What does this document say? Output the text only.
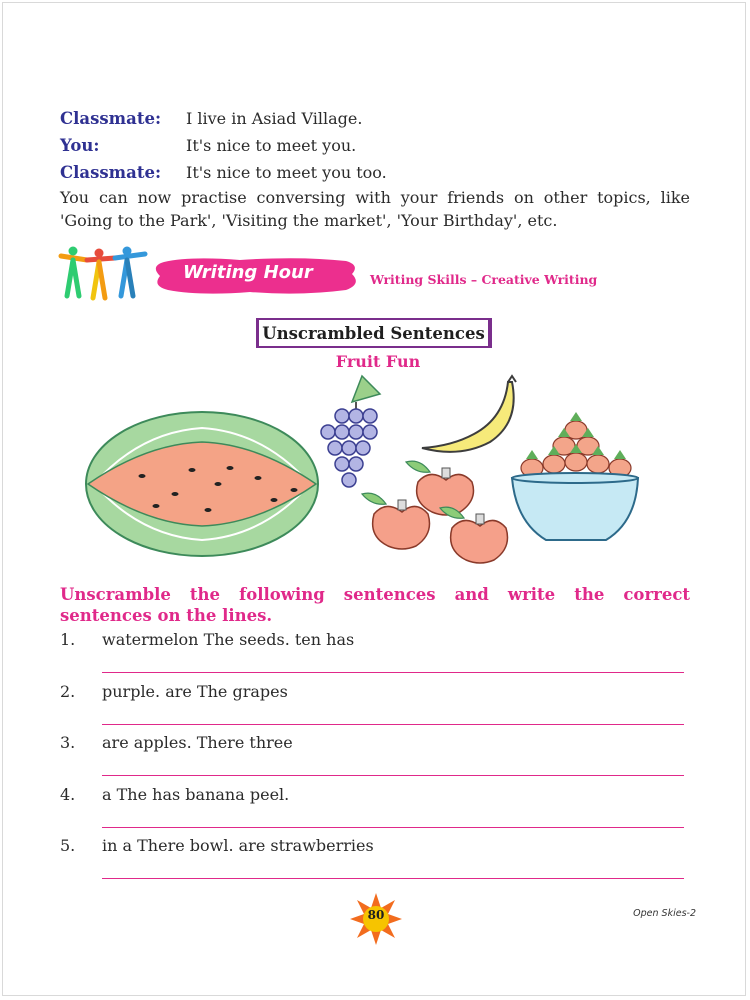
Classmate:	I live in Asiad Village.
You:	It's nice to meet you.
Classmate:	It's nice to meet you too.
You can now practise conversing with your friends on other topics, like 'Going to the Park', 'Visiting the market', 'Your Birthday', etc.
Writing Hour	Writing Skills – Creative Writing
Unscrambled Sentences
Fruit Fun
Unscramble the following sentences and write the correct sentences on the lines.
1. watermelon The seeds. ten has
2. purple. are The grapes
3. are apples. There three
4. a The has banana peel.
5. in a There bowl. are strawberries
80	Open Skies-2
